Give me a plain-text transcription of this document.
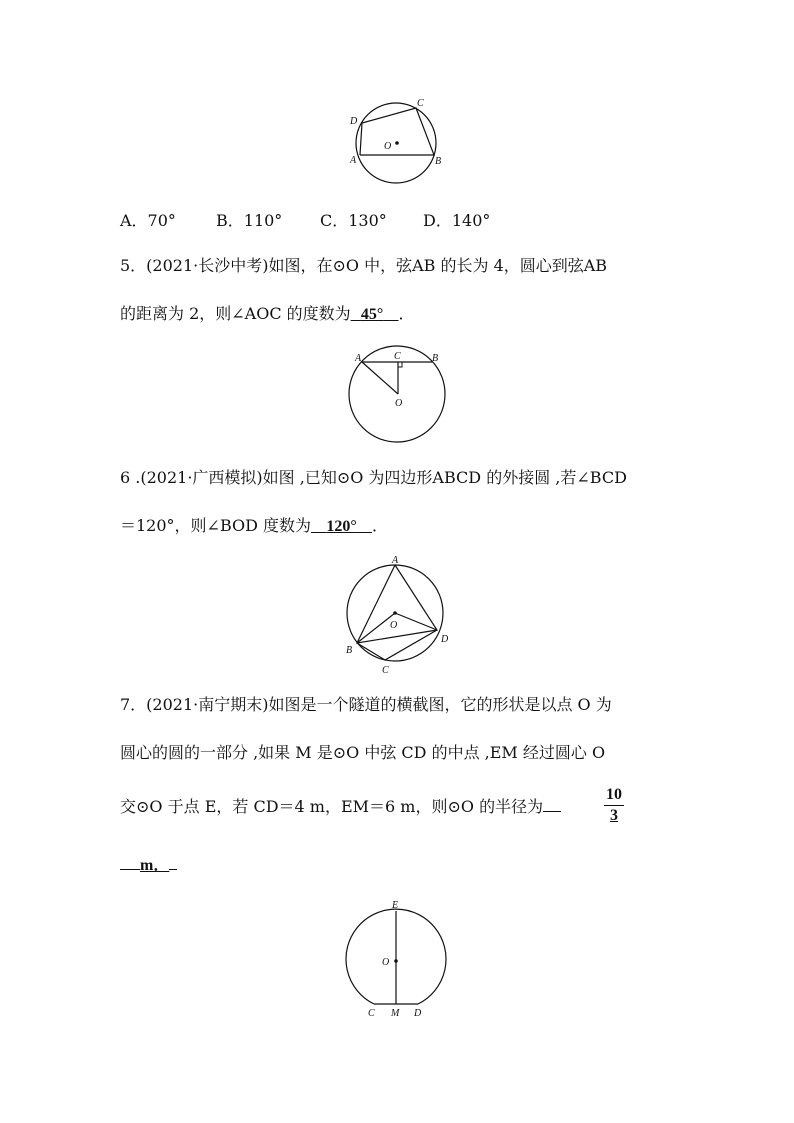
D
C
A	B
O
A．70°	B．110° C．130° D．140°
5．(2021·长沙中考)如图，在⊙O 中，弦AB 的长为 4，圆心到弦AB
的距离为 2，则∠AOC 的度数为 45° ．
A	C	B
O
6 .(2021·广西模拟)如图 ,已知⊙O 为四边形ABCD 的外接圆 ,若∠BCD
＝120°，则∠BOD 度数为 120° ．
A
O
B
D
C
7．(2021·南宁期末)如图是一个隧道的横截图，它的形状是以点 O 为
圆心的圆的一部分 ,如果 M 是⊙O 中弦 CD 的中点 ,EM 经过圆心 O
交⊙O 于点 E，若 CD＝4 m，EM＝6 m，则⊙O 的半径为
10
3
m．
E
O
C M D
